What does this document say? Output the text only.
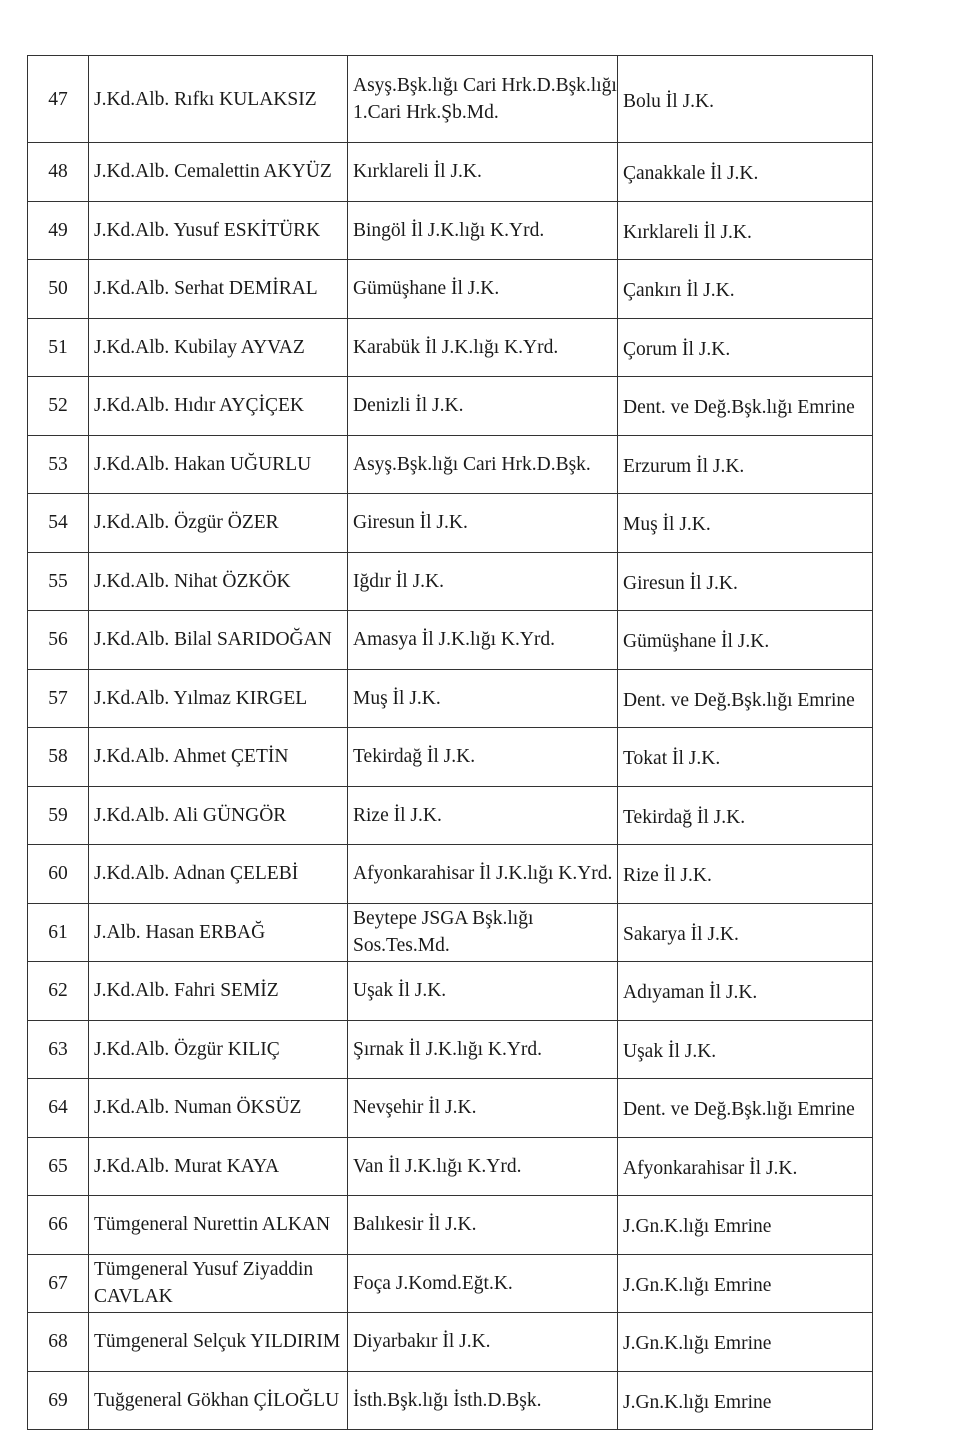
47	J.Kd.Alb. Rıfkı KULAKSIZ	Asyş.Bşk.lığı Cari Hrk.D.Bşk.lığı 1.Cari Hrk.Şb.Md.	Bolu İl J.K.
48	J.Kd.Alb. Cemalettin AKYÜZ	Kırklareli İl J.K.	Çanakkale İl J.K.
49	J.Kd.Alb. Yusuf ESKİTÜRK	Bingöl İl J.K.lığı K.Yrd.	Kırklareli İl J.K.
50	J.Kd.Alb. Serhat DEMİRAL	Gümüşhane İl J.K.	Çankırı İl J.K.
51	J.Kd.Alb. Kubilay AYVAZ	Karabük İl J.K.lığı K.Yrd.	Çorum İl J.K.
52	J.Kd.Alb. Hıdır AYÇİÇEK	Denizli İl J.K.	Dent. ve Değ.Bşk.lığı Emrine
53	J.Kd.Alb. Hakan UĞURLU	Asyş.Bşk.lığı Cari Hrk.D.Bşk.	Erzurum İl J.K.
54	J.Kd.Alb. Özgür ÖZER	Giresun İl J.K.	Muş İl J.K.
55	J.Kd.Alb. Nihat ÖZKÖK	Iğdır İl J.K.	Giresun İl J.K.
56	J.Kd.Alb. Bilal SARIDOĞAN	Amasya İl J.K.lığı K.Yrd.	Gümüşhane İl J.K.
57	J.Kd.Alb. Yılmaz KIRGEL	Muş İl J.K.	Dent. ve Değ.Bşk.lığı Emrine
58	J.Kd.Alb. Ahmet ÇETİN	Tekirdağ İl J.K.	Tokat İl J.K.
59	J.Kd.Alb. Ali GÜNGÖR	Rize İl J.K.	Tekirdağ İl J.K.
60	J.Kd.Alb. Adnan ÇELEBİ	Afyonkarahisar İl J.K.lığı K.Yrd.	Rize İl J.K.
61	J.Alb. Hasan ERBAĞ	Beytepe JSGA Bşk.lığı Sos.Tes.Md.	Sakarya İl J.K.
62	J.Kd.Alb. Fahri SEMİZ	Uşak İl J.K.	Adıyaman İl J.K.
63	J.Kd.Alb. Özgür KILIÇ	Şırnak İl J.K.lığı K.Yrd.	Uşak İl J.K.
64	J.Kd.Alb. Numan ÖKSÜZ	Nevşehir İl J.K.	Dent. ve Değ.Bşk.lığı Emrine
65	J.Kd.Alb. Murat KAYA	Van İl J.K.lığı K.Yrd.	Afyonkarahisar İl J.K.
66	Tümgeneral Nurettin ALKAN	Balıkesir İl J.K.	J.Gn.K.lığı Emrine
67	Tümgeneral Yusuf Ziyaddin CAVLAK	Foça J.Komd.Eğt.K.	J.Gn.K.lığı Emrine
68	Tümgeneral Selçuk YILDIRIM	Diyarbakır İl J.K.	J.Gn.K.lığı Emrine
69	Tuğgeneral Gökhan ÇİLOĞLU	İsth.Bşk.lığı İsth.D.Bşk.	J.Gn.K.lığı Emrine
